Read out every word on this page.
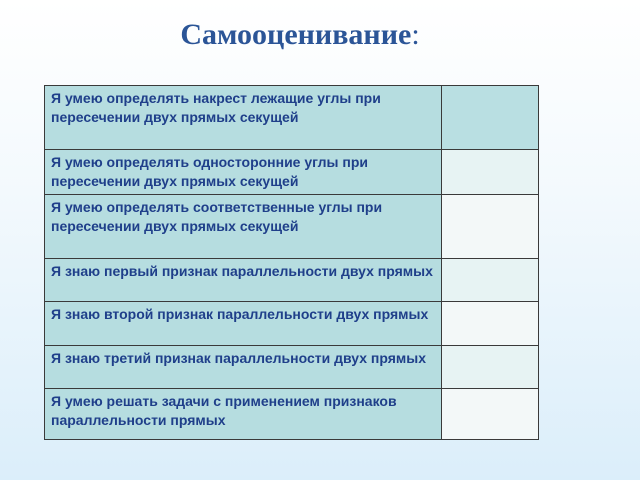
Самооценивание:
Я умею определять накрест лежащие углы при пересечении двух прямых секущей	
Я умею определять односторонние углы при пересечении двух прямых секущей	
Я умею определять соответственные углы при пересечении двух прямых секущей	
Я знаю первый признак параллельности двух прямых	
Я знаю второй признак параллельности двух прямых	
Я знаю третий признак параллельности двух прямых	
Я умею решать задачи с применением признаков параллельности прямых	
